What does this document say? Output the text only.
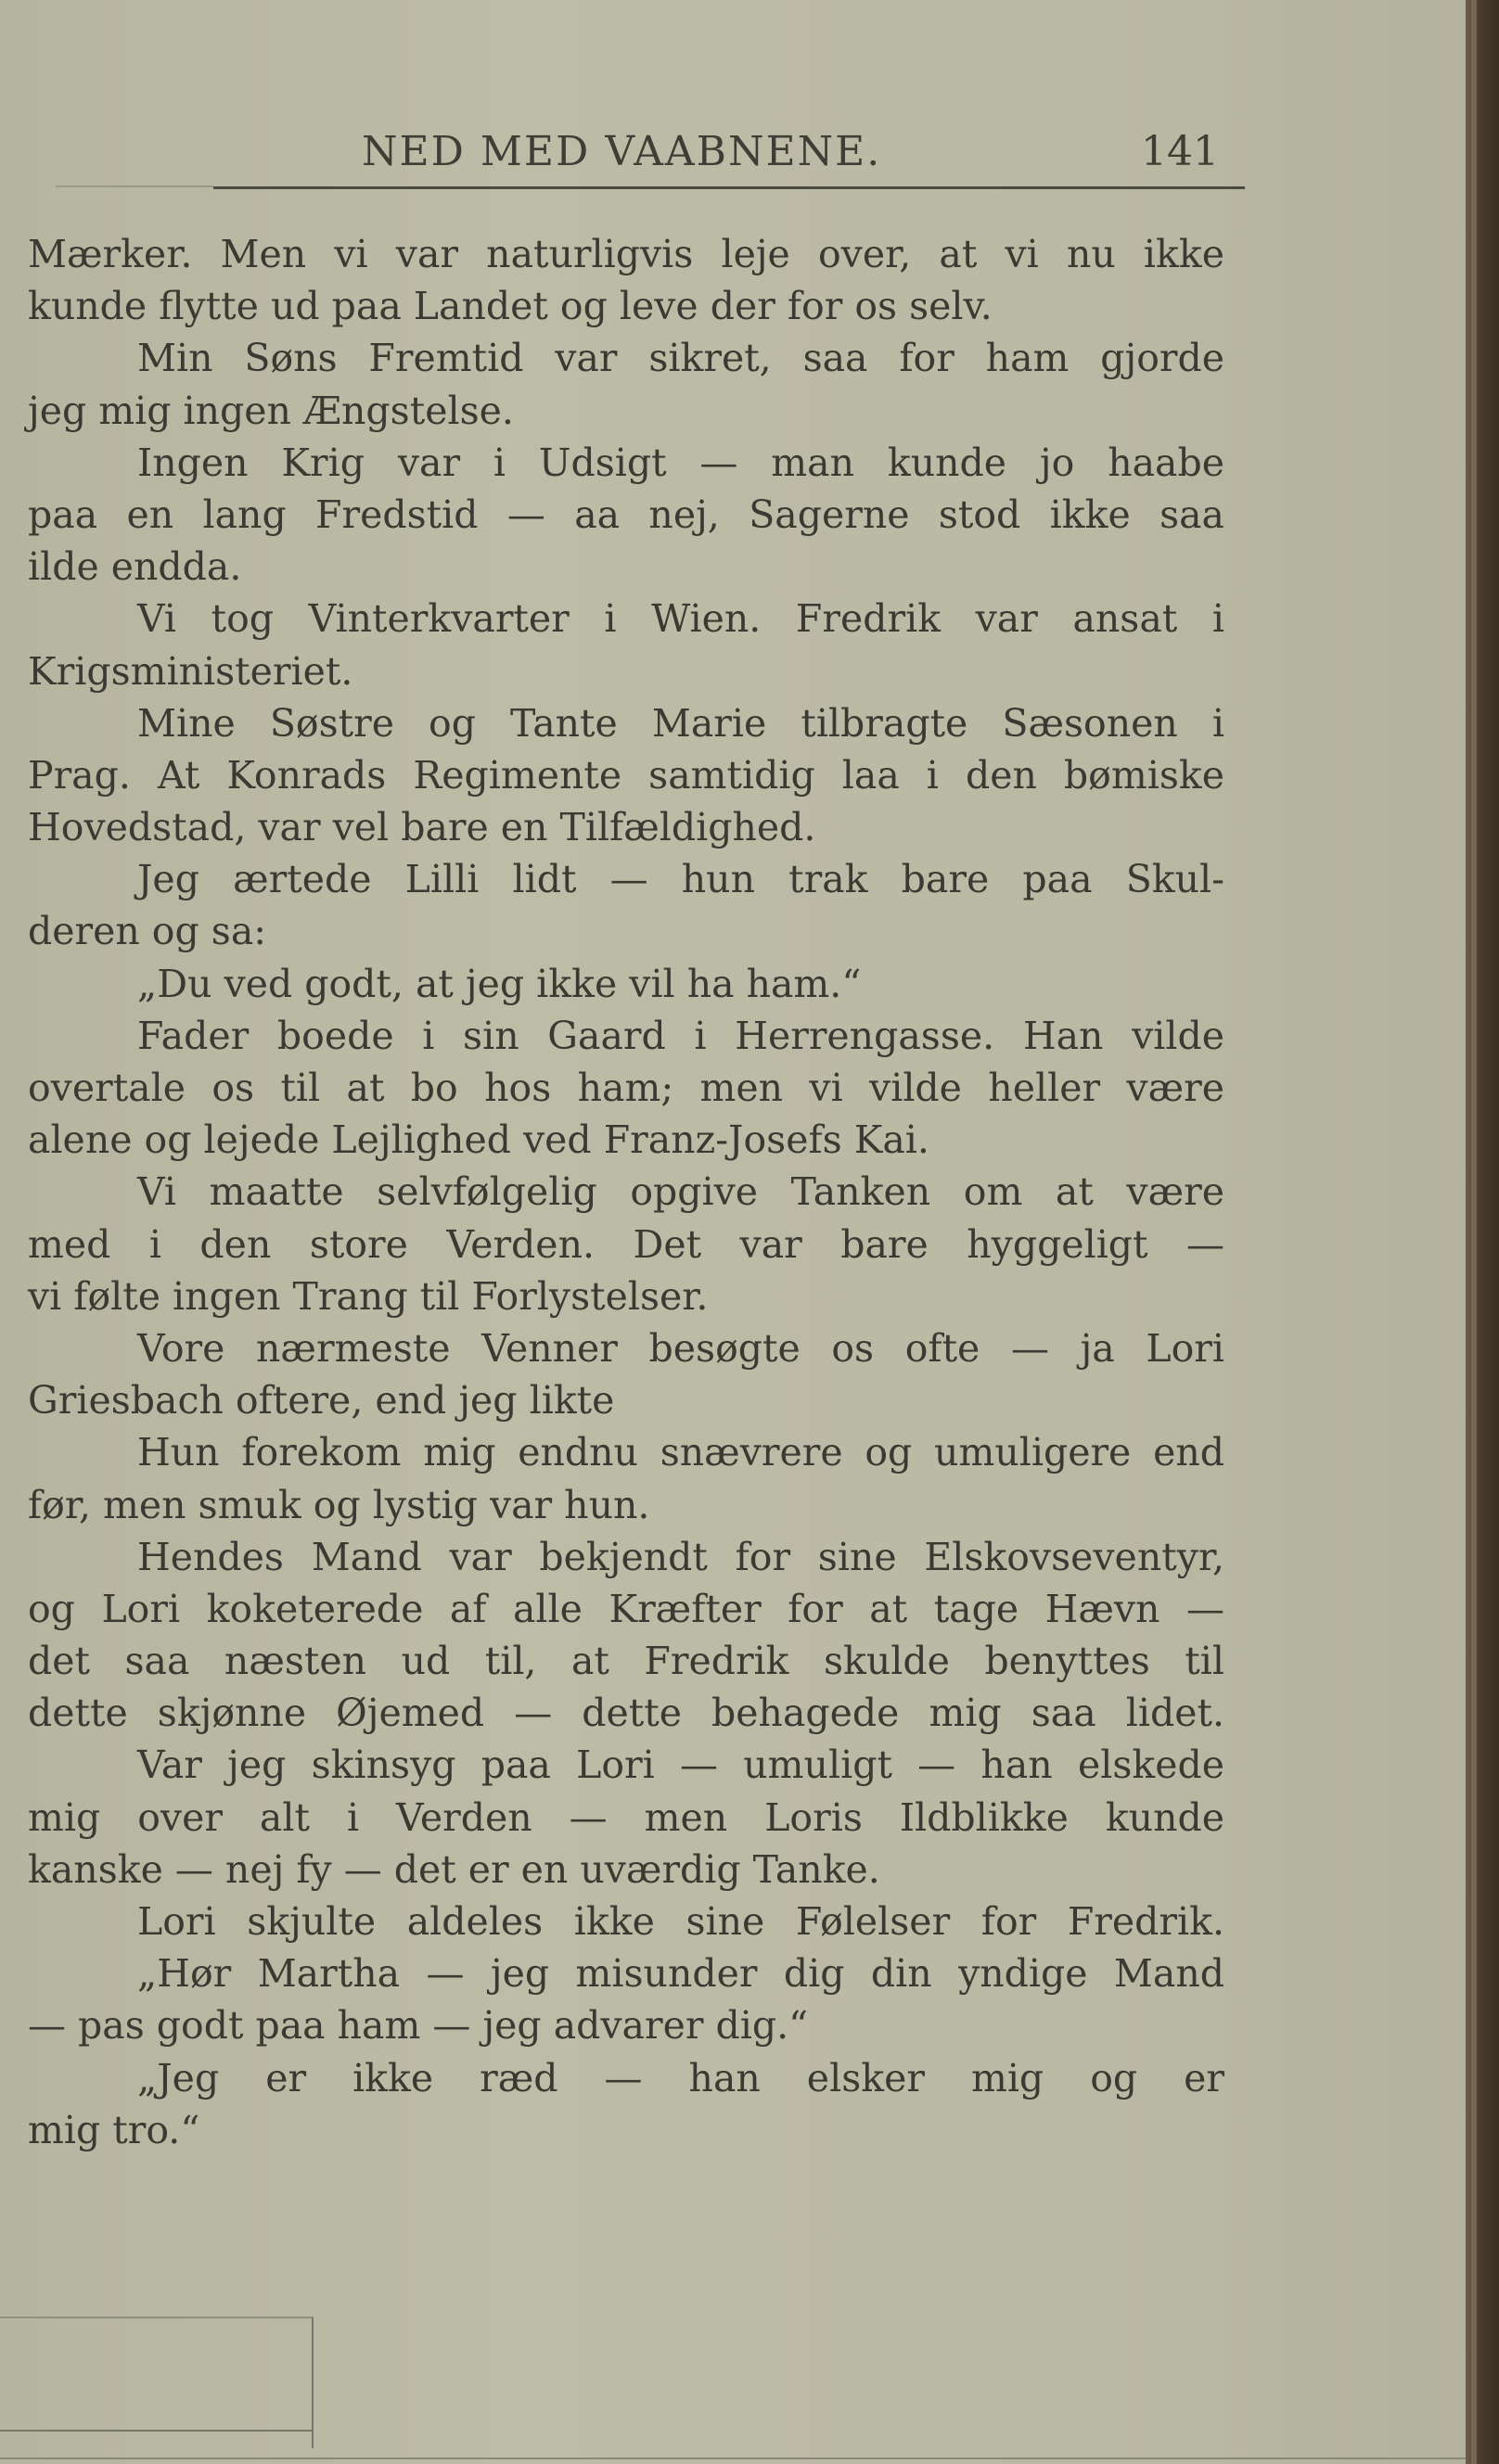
NED MED VAABNENE.	141
Mærker. Men vi var naturligvis leje over, at vi nu ikke
kunde flytte ud paa Landet og leve der for os selv.
Min Søns Fremtid var sikret, saa for ham gjorde
jeg mig ingen Ængstelse.
Ingen Krig var i Udsigt — man kunde jo haabe
paa en lang Fredstid — aa nej, Sagerne stod ikke saa
ilde endda.
Vi tog Vinterkvarter i Wien. Fredrik var ansat i
Krigsministeriet.
Mine Søstre og Tante Marie tilbragte Sæsonen i
Prag. At Konrads Regimente samtidig laa i den bømiske
Hovedstad, var vel bare en Tilfældighed.
Jeg ærtede Lilli lidt — hun trak bare paa Skul-
deren og sa:
„Du ved godt, at jeg ikke vil ha ham.“
Fader boede i sin Gaard i Herrengasse. Han vilde
overtale os til at bo hos ham; men vi vilde heller være
alene og lejede Lejlighed ved Franz-Josefs Kai.
Vi maatte selvfølgelig opgive Tanken om at være
med i den store Verden. Det var bare hyggeligt —
vi følte ingen Trang til Forlystelser.
Vore nærmeste Venner besøgte os ofte — ja Lori
Griesbach oftere, end jeg likte
Hun forekom mig endnu snævrere og umuligere end
før, men smuk og lystig var hun.
Hendes Mand var bekjendt for sine Elskovseventyr,
og Lori koketerede af alle Kræfter for at tage Hævn —
det saa næsten ud til, at Fredrik skulde benyttes til
dette skjønne Øjemed — dette behagede mig saa lidet.
Var jeg skinsyg paa Lori — umuligt — han elskede
mig over alt i Verden — men Loris Ildblikke kunde
kanske — nej fy — det er en uværdig Tanke.
Lori skjulte aldeles ikke sine Følelser for Fredrik.
„Hør Martha — jeg misunder dig din yndige Mand
— pas godt paa ham — jeg advarer dig.“
„Jeg er ikke ræd — han elsker mig og er
mig tro.“
